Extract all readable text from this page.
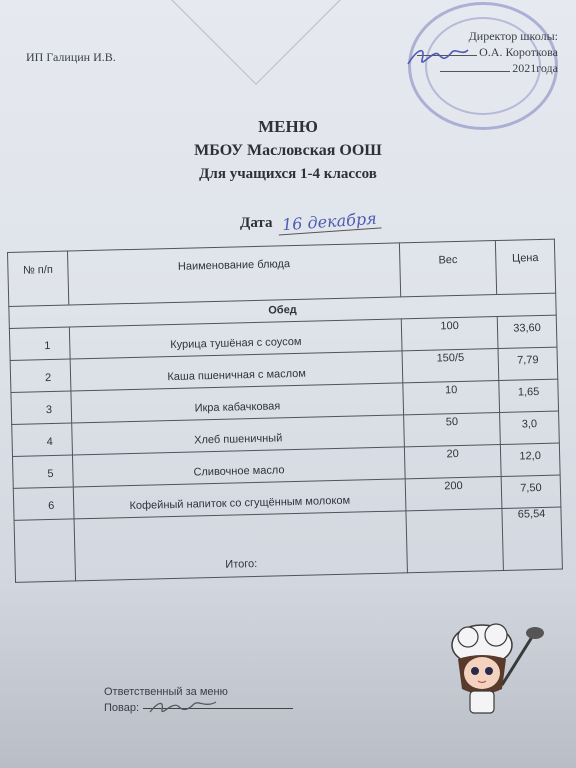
ИП Галицин И.В.
Директор школы:
О.А. Короткова
2021года
МЕНЮ
МБОУ Масловская ООШ
Для учащихся 1-4 классов
Дата 16 декабря
№ п/п	Наименование блюда	Вес	Цена
Обед			
1	Курица тушёная с соусом	100	33,60
2	Каша пшеничная с маслом	150/5	7,79
3	Икра кабачковая	10	1,65
4	Хлеб пшеничный	50	3,0
5	Сливочное масло	20	12,0
6	Кофейный напиток со сгущённым молоком	200	7,50
	Итого:		65,54
Ответственный за меню
Повар:
